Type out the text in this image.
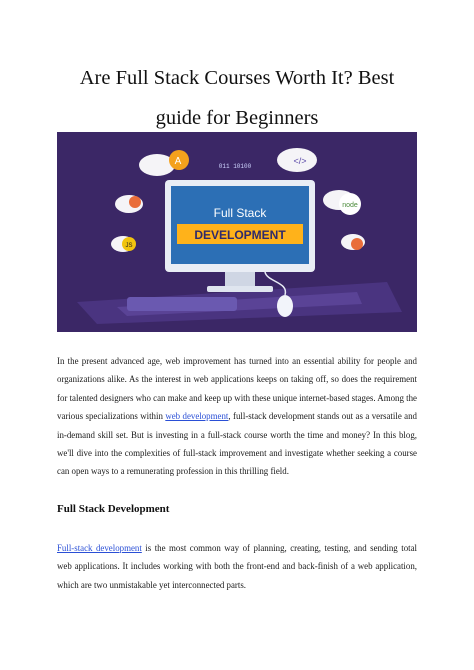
Are Full Stack Courses Worth It? Best
guide for Beginners
A	</>
node
JS
011 10100
Full Stack
DEVELOPMENT
In the present advanced age, web improvement has turned into an essential ability for people and organizations alike. As the interest in web applications keeps on taking off, so does the requirement for talented designers who can make and keep up with these unique internet-based stages. Among the various specializations within web development, full-stack development stands out as a versatile and in-demand skill set. But is investing in a full-stack course worth the time and money? In this blog, we'll dive into the complexities of full-stack improvement and investigate whether seeking a course can open ways to a remunerating profession in this thrilling field.
Full Stack Development
Full-stack development is the most common way of planning, creating, testing, and sending total web applications. It includes working with both the front-end and back-finish of a web application, which are two unmistakable yet interconnected parts.
